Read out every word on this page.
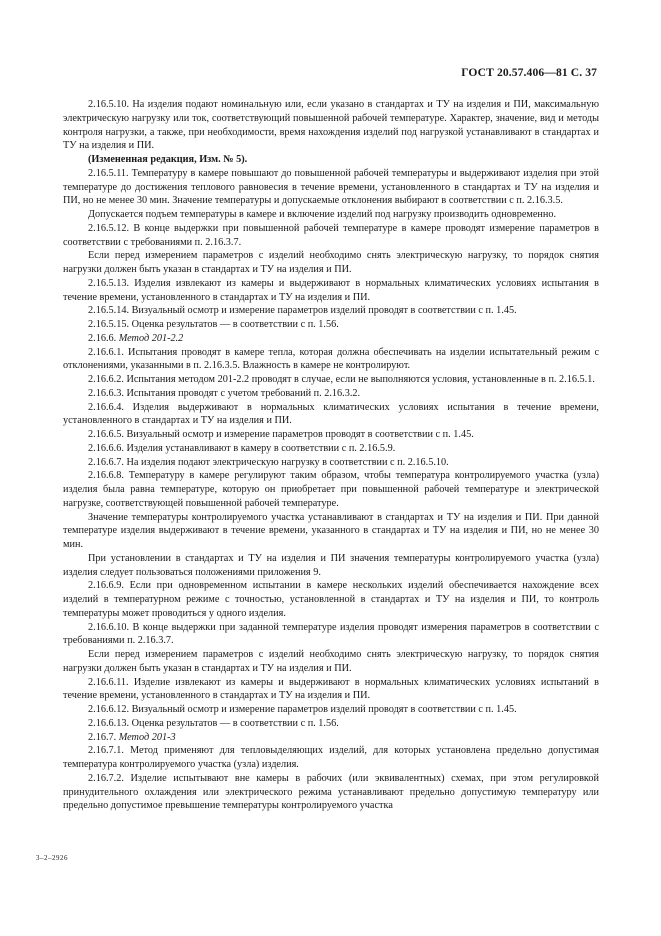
ГОСТ 20.57.406—81 С. 37

2.16.5.10. На изделия подают номинальную или, если указано в стандартах и ТУ на изделия и ПИ, максимальную электрическую нагрузку или ток, соответствующий повышенной рабочей температуре. Характер, значение, вид и методы контроля нагрузки, а также, при необходимости, время нахождения изделий под нагрузкой устанавливают в стандартах и ТУ на изделия и ПИ.

(Измененная редакция, Изм. № 5).

2.16.5.11. Температуру в камере повышают до повышенной рабочей температуры и выдерживают изделия при этой температуре до достижения теплового равновесия в течение времени, установленного в стандартах и ТУ на изделия и ПИ, но не менее 30 мин. Значение температуры и допускаемые отклонения выбирают в соответствии с п. 2.16.3.5.

Допускается подъем температуры в камере и включение изделий под нагрузку производить одновременно.

2.16.5.12. В конце выдержки при повышенной рабочей температуре в камере проводят измерение параметров в соответствии с требованиями п. 2.16.3.7.

Если перед измерением параметров с изделий необходимо снять электрическую нагрузку, то порядок снятия нагрузки должен быть указан в стандартах и ТУ на изделия и ПИ.

2.16.5.13. Изделия извлекают из камеры и выдерживают в нормальных климатических условиях испытания в течение времени, установленного в стандартах и ТУ на изделия и ПИ.

2.16.5.14. Визуальный осмотр и измерение параметров изделий проводят в соответствии с п. 1.45.

2.16.5.15. Оценка результатов — в соответствии с п. 1.56.

2.16.6. Метод 201-2.2

2.16.6.1. Испытания проводят в камере тепла, которая должна обеспечивать на изделии испытательный режим с отклонениями, указанными в п. 2.16.3.5. Влажность в камере не контролируют.

2.16.6.2. Испытания методом 201-2.2 проводят в случае, если не выполняются условия, установленные в п. 2.16.5.1.

2.16.6.3. Испытания проводят с учетом требований п. 2.16.3.2.

2.16.6.4. Изделия выдерживают в нормальных климатических условиях испытания в течение времени, установленного в стандартах и ТУ на изделия и ПИ.

2.16.6.5. Визуальный осмотр и измерение параметров проводят в соответствии с п. 1.45.

2.16.6.6. Изделия устанавливают в камеру в соответствии с п. 2.16.5.9.

2.16.6.7. На изделия подают электрическую нагрузку в соответствии с п. 2.16.5.10.

2.16.6.8. Температуру в камере регулируют таким образом, чтобы температура контролируемого участка (узла) изделия была равна температуре, которую он приобретает при повышенной рабочей температуре и электрической нагрузке, соответствующей повышенной рабочей температуре.

Значение температуры контролируемого участка устанавливают в стандартах и ТУ на изделия и ПИ. При данной температуре изделия выдерживают в течение времени, указанного в стандартах и ТУ на изделия и ПИ, но не менее 30 мин.

При установлении в стандартах и ТУ на изделия и ПИ значения температуры контролируемого участка (узла) изделия следует пользоваться положениями приложения 9.

2.16.6.9. Если при одновременном испытании в камере нескольких изделий обеспечивается нахождение всех изделий в температурном режиме с точностью, установленной в стандартах и ТУ на изделия и ПИ, то контроль температуры может проводиться у одного изделия.

2.16.6.10. В конце выдержки при заданной температуре изделия проводят измерения параметров в соответствии с требованиями п. 2.16.3.7.

Если перед измерением параметров с изделий необходимо снять электрическую нагрузку, то порядок снятия нагрузки должен быть указан в стандартах и ТУ на изделия и ПИ.

2.16.6.11. Изделие извлекают из камеры и выдерживают в нормальных климатических условиях испытаний в течение времени, установленного в стандартах и ТУ на изделия и ПИ.

2.16.6.12. Визуальный осмотр и измерение параметров изделий проводят в соответствии с п. 1.45.

2.16.6.13. Оценка результатов — в соответствии с п. 1.56.

2.16.7. Метод 201-3

2.16.7.1. Метод применяют для тепловыделяющих изделий, для которых установлена предельно допустимая температура контролируемого участка (узла) изделия.

2.16.7.2. Изделие испытывают вне камеры в рабочих (или эквивалентных) схемах, при этом регулировкой принудительного охлаждения или электрического режима устанавливают предельно допустимую температуру или предельно допустимое превышение температуры контролируемого участка

3–2–2926
